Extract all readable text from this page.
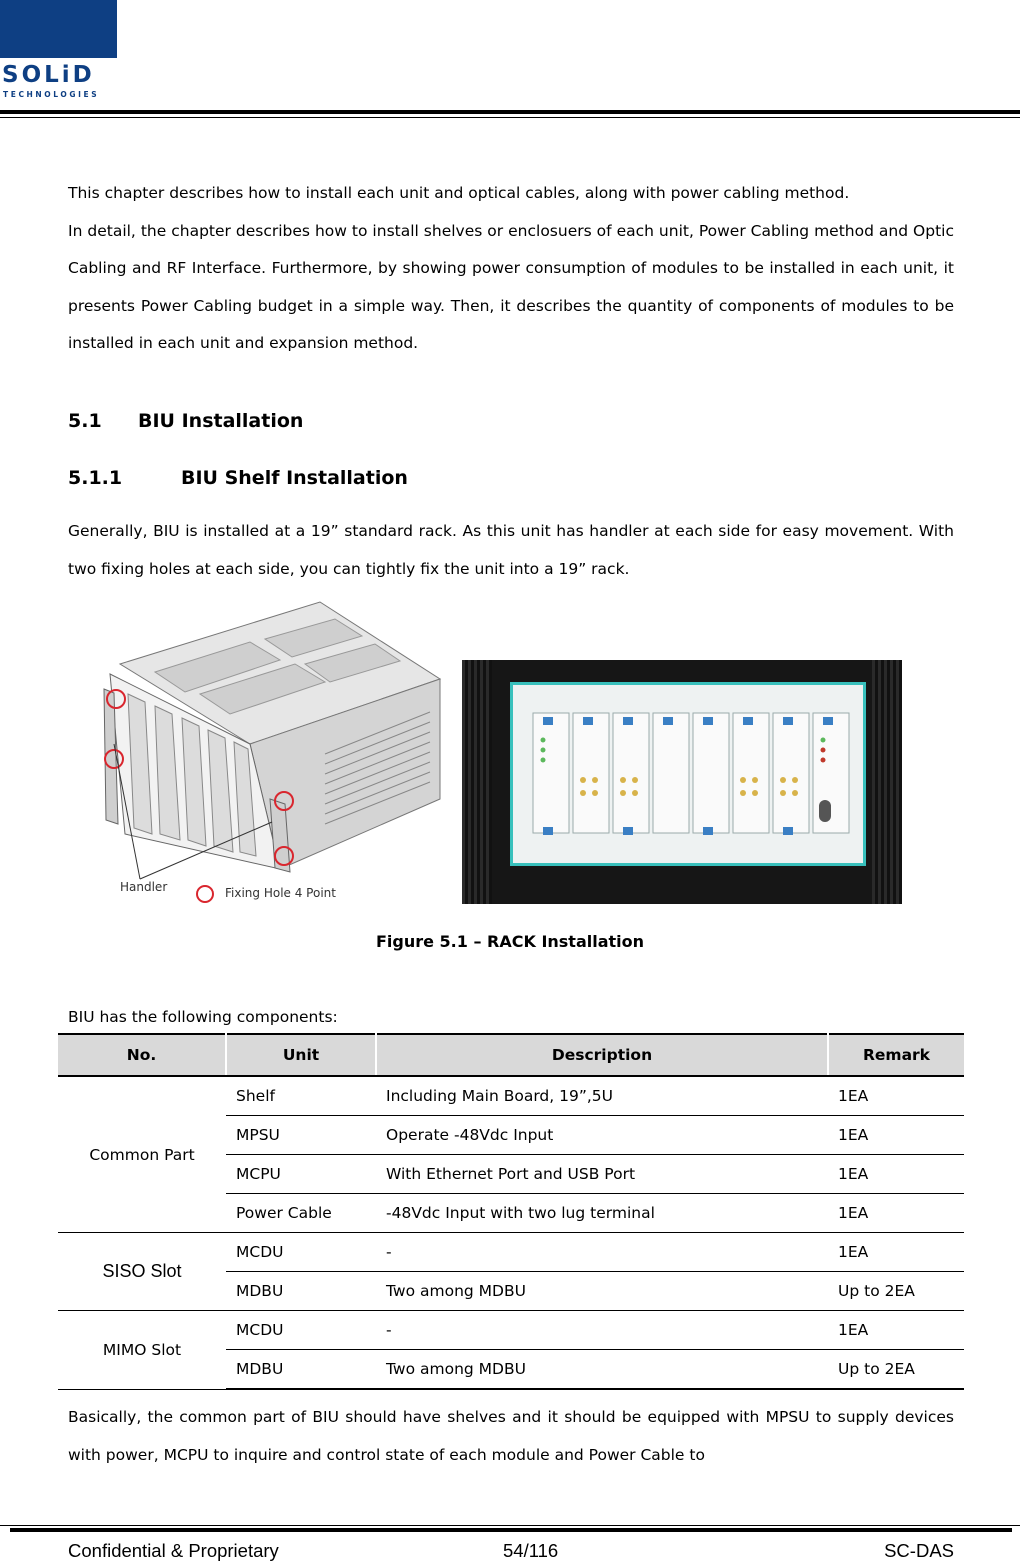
SOLiD
TECHNOLOGIES

This chapter describes how to install each unit and optical cables, along with power cabling method.

In detail, the chapter describes how to install shelves or enclosuers of each unit, Power Cabling method and Optic Cabling and RF Interface. Furthermore, by showing power consumption of modules to be installed in each unit, it presents Power Cabling budget in a simple way. Then, it describes the quantity of components of modules to be installed in each unit and expansion method.

5.1 BIU Installation
5.1.1	BIU Shelf Installation

Generally, BIU is installed at a 19” standard rack. As this unit has handler at each side for easy movement. With two fixing holes at each side, you can tightly fix the unit into a 19” rack.

Handler	Fixing Hole 4 Point
Figure 5.1 – RACK Installation
BIU has the following components:
No.	Unit	Description	Remark
Common Part	Shelf	Including Main Board, 19”,5U	1EA
	MPSU	Operate -48Vdc Input	1EA
	MCPU	With Ethernet Port and USB Port	1EA
	Power Cable	-48Vdc Input with two lug terminal	1EA
SISO Slot	MCDU	-	1EA
	MDBU	Two among MDBU	Up to 2EA
MIMO Slot	MCDU	-	1EA
	MDBU	Two among MDBU	Up to 2EA

Basically, the common part of BIU should have shelves and it should be equipped with MPSU to supply devices with power, MCPU to inquire and control state of each module and Power Cable to

Confidential & Proprietary	54/116	SC-DAS
